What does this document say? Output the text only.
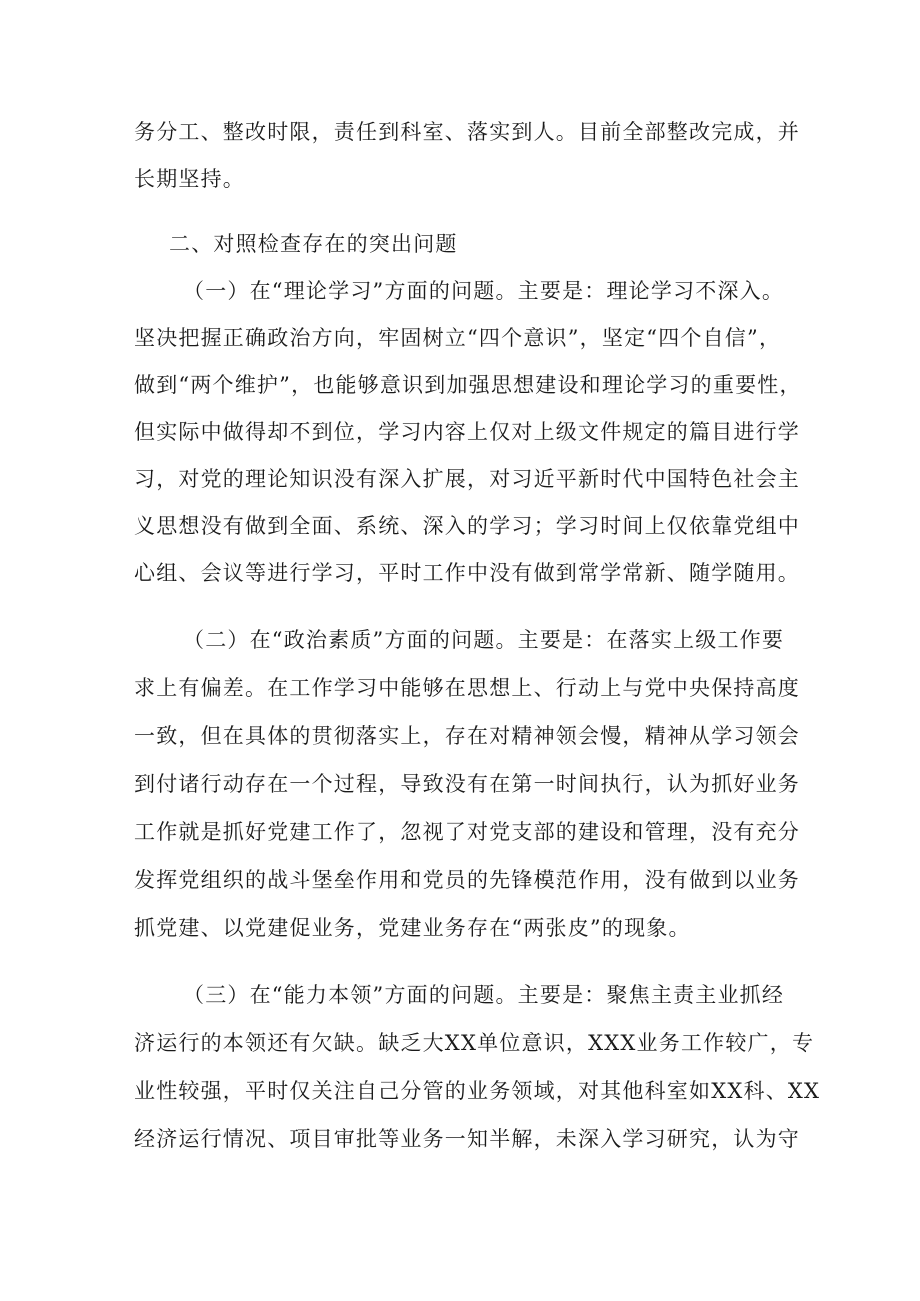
务分工、整改时限，责任到科室、落实到人。目前全部整改完成，并
长期坚持。
二、对照检查存在的突出问题
（一）在“理论学习”方面的问题。主要是：理论学习不深入。
坚决把握正确政治方向，牢固树立“四个意识”，坚定“四个自信”，
做到“两个维护”，也能够意识到加强思想建设和理论学习的重要性，
但实际中做得却不到位，学习内容上仅对上级文件规定的篇目进行学
习，对党的理论知识没有深入扩展，对习近平新时代中国特色社会主
义思想没有做到全面、系统、深入的学习；学习时间上仅依靠党组中
心组、会议等进行学习，平时工作中没有做到常学常新、随学随用。
（二）在“政治素质”方面的问题。主要是：在落实上级工作要
求上有偏差。在工作学习中能够在思想上、行动上与党中央保持高度
一致，但在具体的贯彻落实上，存在对精神领会慢，精神从学习领会
到付诸行动存在一个过程，导致没有在第一时间执行，认为抓好业务
工作就是抓好党建工作了，忽视了对党支部的建设和管理，没有充分
发挥党组织的战斗堡垒作用和党员的先锋模范作用，没有做到以业务
抓党建、以党建促业务，党建业务存在“两张皮”的现象。
（三）在“能力本领”方面的问题。主要是：聚焦主责主业抓经
济运行的本领还有欠缺。缺乏大XX单位意识，XXX业务工作较广，专
业性较强，平时仅关注自己分管的业务领域，对其他科室如XX科、XX
经济运行情况、项目审批等业务一知半解，未深入学习研究，认为守
